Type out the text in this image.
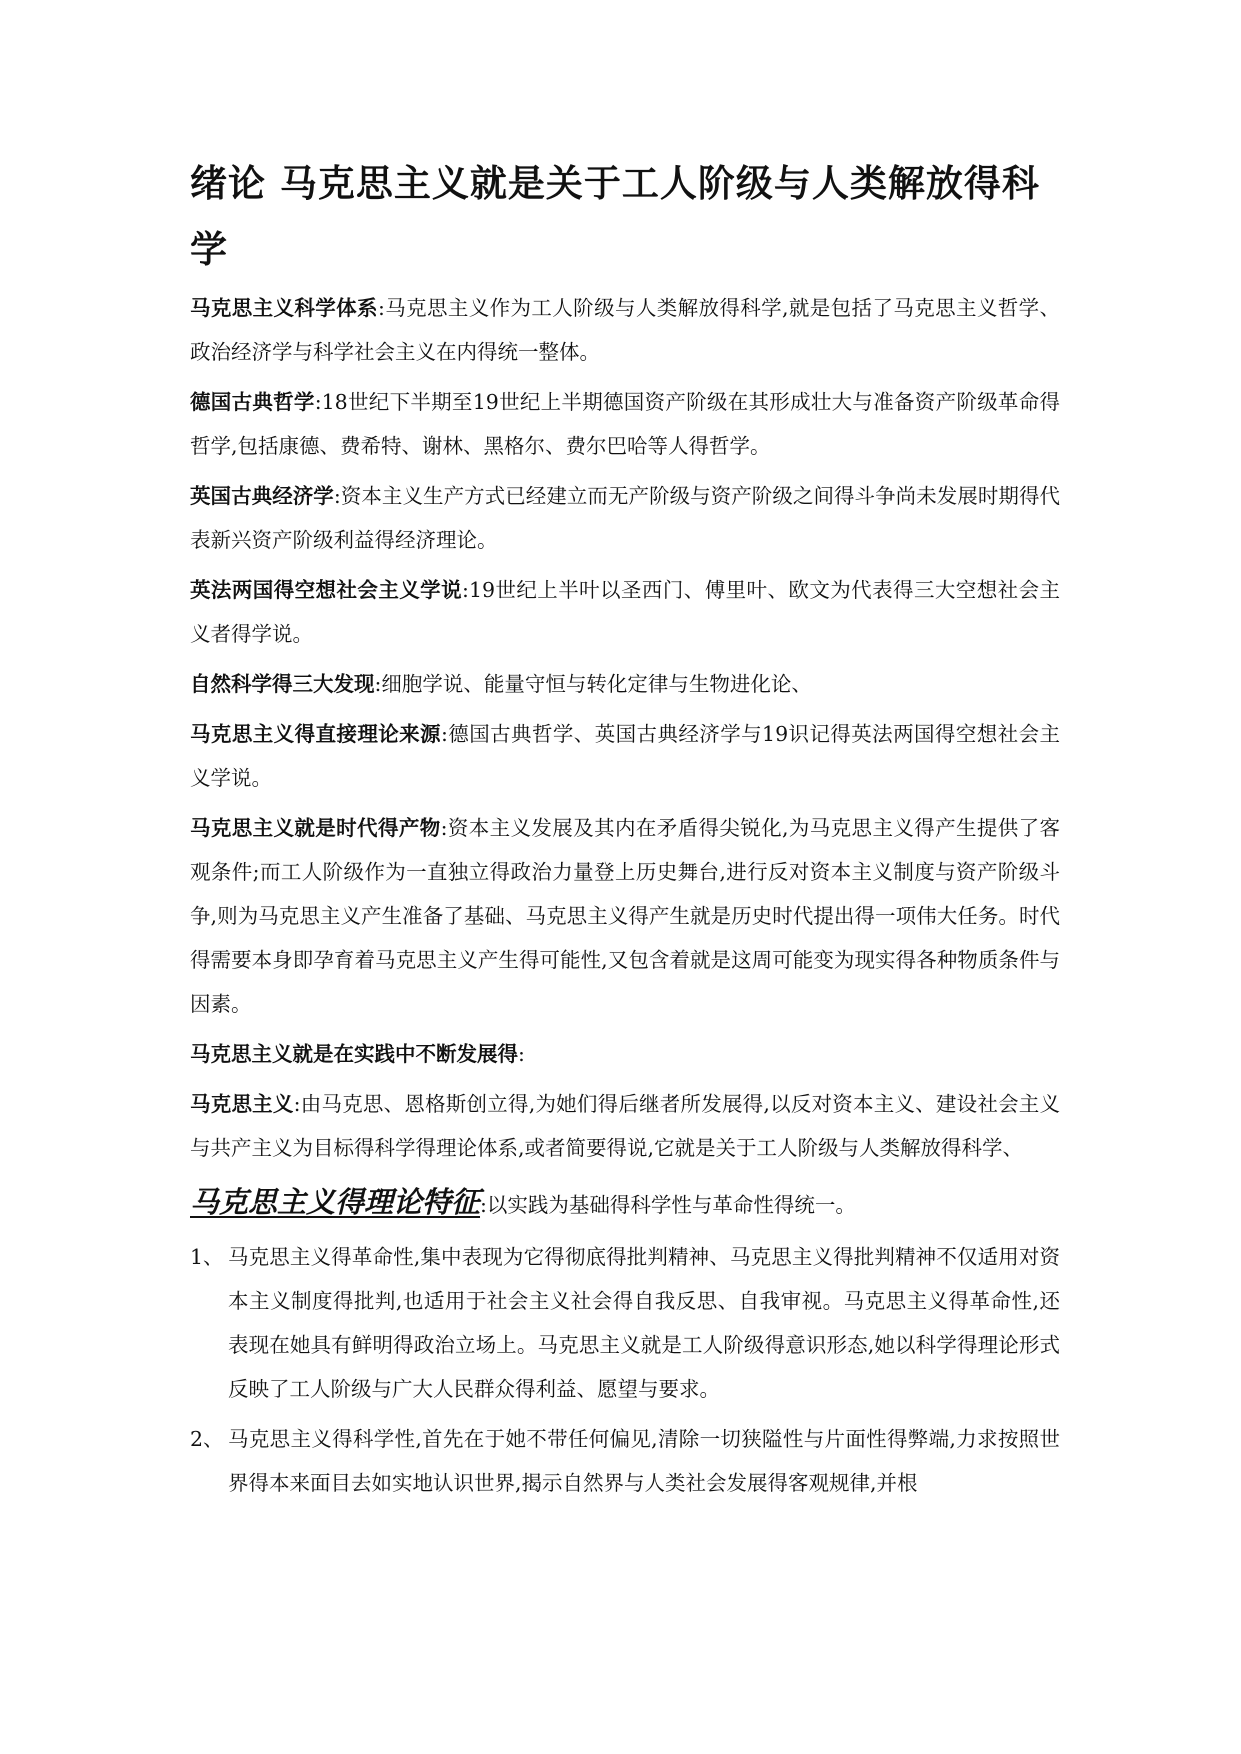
绪论 马克思主义就是关于工人阶级与人类解放得科学

马克思主义科学体系:马克思主义作为工人阶级与人类解放得科学,就是包括了马克思主义哲学、政治经济学与科学社会主义在内得统一整体。

德国古典哲学:18世纪下半期至19世纪上半期德国资产阶级在其形成壮大与准备资产阶级革命得哲学,包括康德、费希特、谢林、黑格尔、费尔巴哈等人得哲学。

英国古典经济学:资本主义生产方式已经建立而无产阶级与资产阶级之间得斗争尚未发展时期得代表新兴资产阶级利益得经济理论。

英法两国得空想社会主义学说:19世纪上半叶以圣西门、傅里叶、欧文为代表得三大空想社会主义者得学说。

自然科学得三大发现:细胞学说、能量守恒与转化定律与生物进化论、

马克思主义得直接理论来源:德国古典哲学、英国古典经济学与19识记得英法两国得空想社会主义学说。

马克思主义就是时代得产物:资本主义发展及其内在矛盾得尖锐化,为马克思主义得产生提供了客观条件;而工人阶级作为一直独立得政治力量登上历史舞台,进行反对资本主义制度与资产阶级斗争,则为马克思主义产生准备了基础、马克思主义得产生就是历史时代提出得一项伟大任务。时代得需要本身即孕育着马克思主义产生得可能性,又包含着就是这周可能变为现实得各种物质条件与因素。

马克思主义就是在实践中不断发展得:

马克思主义:由马克思、恩格斯创立得,为她们得后继者所发展得,以反对资本主义、建设社会主义与共产主义为目标得科学得理论体系,或者简要得说,它就是关于工人阶级与人类解放得科学、

马克思主义得理论特征:以实践为基础得科学性与革命性得统一。

1、 马克思主义得革命性,集中表现为它得彻底得批判精神、马克思主义得批判精神不仅适用对资本主义制度得批判,也适用于社会主义社会得自我反思、自我审视。马克思主义得革命性,还表现在她具有鲜明得政治立场上。马克思主义就是工人阶级得意识形态,她以科学得理论形式反映了工人阶级与广大人民群众得利益、愿望与要求。
2、 马克思主义得科学性,首先在于她不带任何偏见,清除一切狭隘性与片面性得弊端,力求按照世界得本来面目去如实地认识世界,揭示自然界与人类社会发展得客观规律,并根
